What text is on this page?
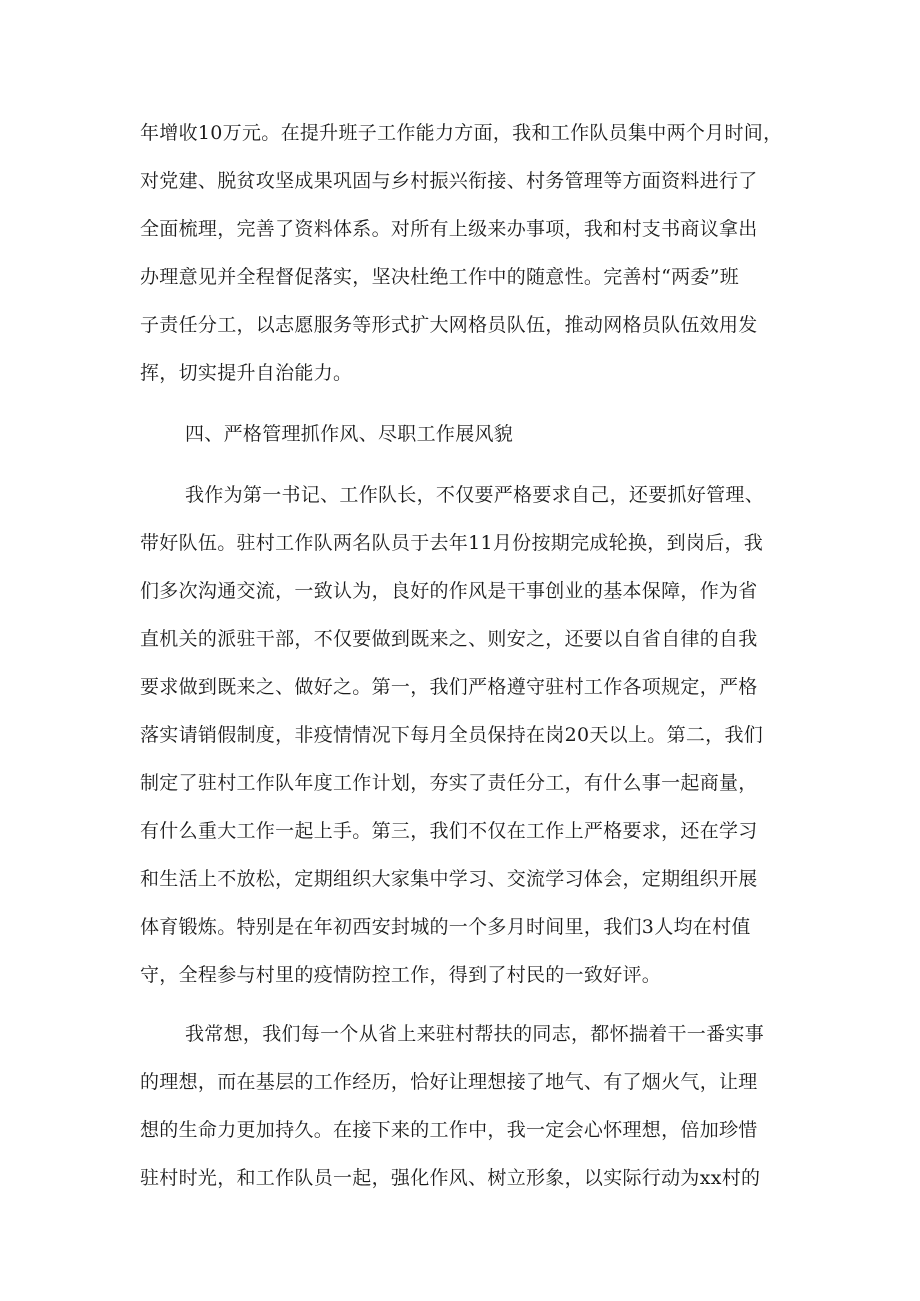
年增收10万元。在提升班子工作能力方面，我和工作队员集中两个月时间，
对党建、脱贫攻坚成果巩固与乡村振兴衔接、村务管理等方面资料进行了
全面梳理，完善了资料体系。对所有上级来办事项，我和村支书商议拿出
办理意见并全程督促落实，坚决杜绝工作中的随意性。完善村“两委”班
子责任分工，以志愿服务等形式扩大网格员队伍，推动网格员队伍效用发
挥，切实提升自治能力。
四、严格管理抓作风、尽职工作展风貌
我作为第一书记、工作队长，不仅要严格要求自己，还要抓好管理、
带好队伍。驻村工作队两名队员于去年11月份按期完成轮换，到岗后，我
们多次沟通交流，一致认为，良好的作风是干事创业的基本保障，作为省
直机关的派驻干部，不仅要做到既来之、则安之，还要以自省自律的自我
要求做到既来之、做好之。第一，我们严格遵守驻村工作各项规定，严格
落实请销假制度，非疫情情况下每月全员保持在岗20天以上。第二，我们
制定了驻村工作队年度工作计划，夯实了责任分工，有什么事一起商量，
有什么重大工作一起上手。第三，我们不仅在工作上严格要求，还在学习
和生活上不放松，定期组织大家集中学习、交流学习体会，定期组织开展
体育锻炼。特别是在年初西安封城的一个多月时间里，我们3人均在村值
守，全程参与村里的疫情防控工作，得到了村民的一致好评。
我常想，我们每一个从省上来驻村帮扶的同志，都怀揣着干一番实事
的理想，而在基层的工作经历，恰好让理想接了地气、有了烟火气，让理
想的生命力更加持久。在接下来的工作中，我一定会心怀理想，倍加珍惜
驻村时光，和工作队员一起，强化作风、树立形象，以实际行动为xx村的
